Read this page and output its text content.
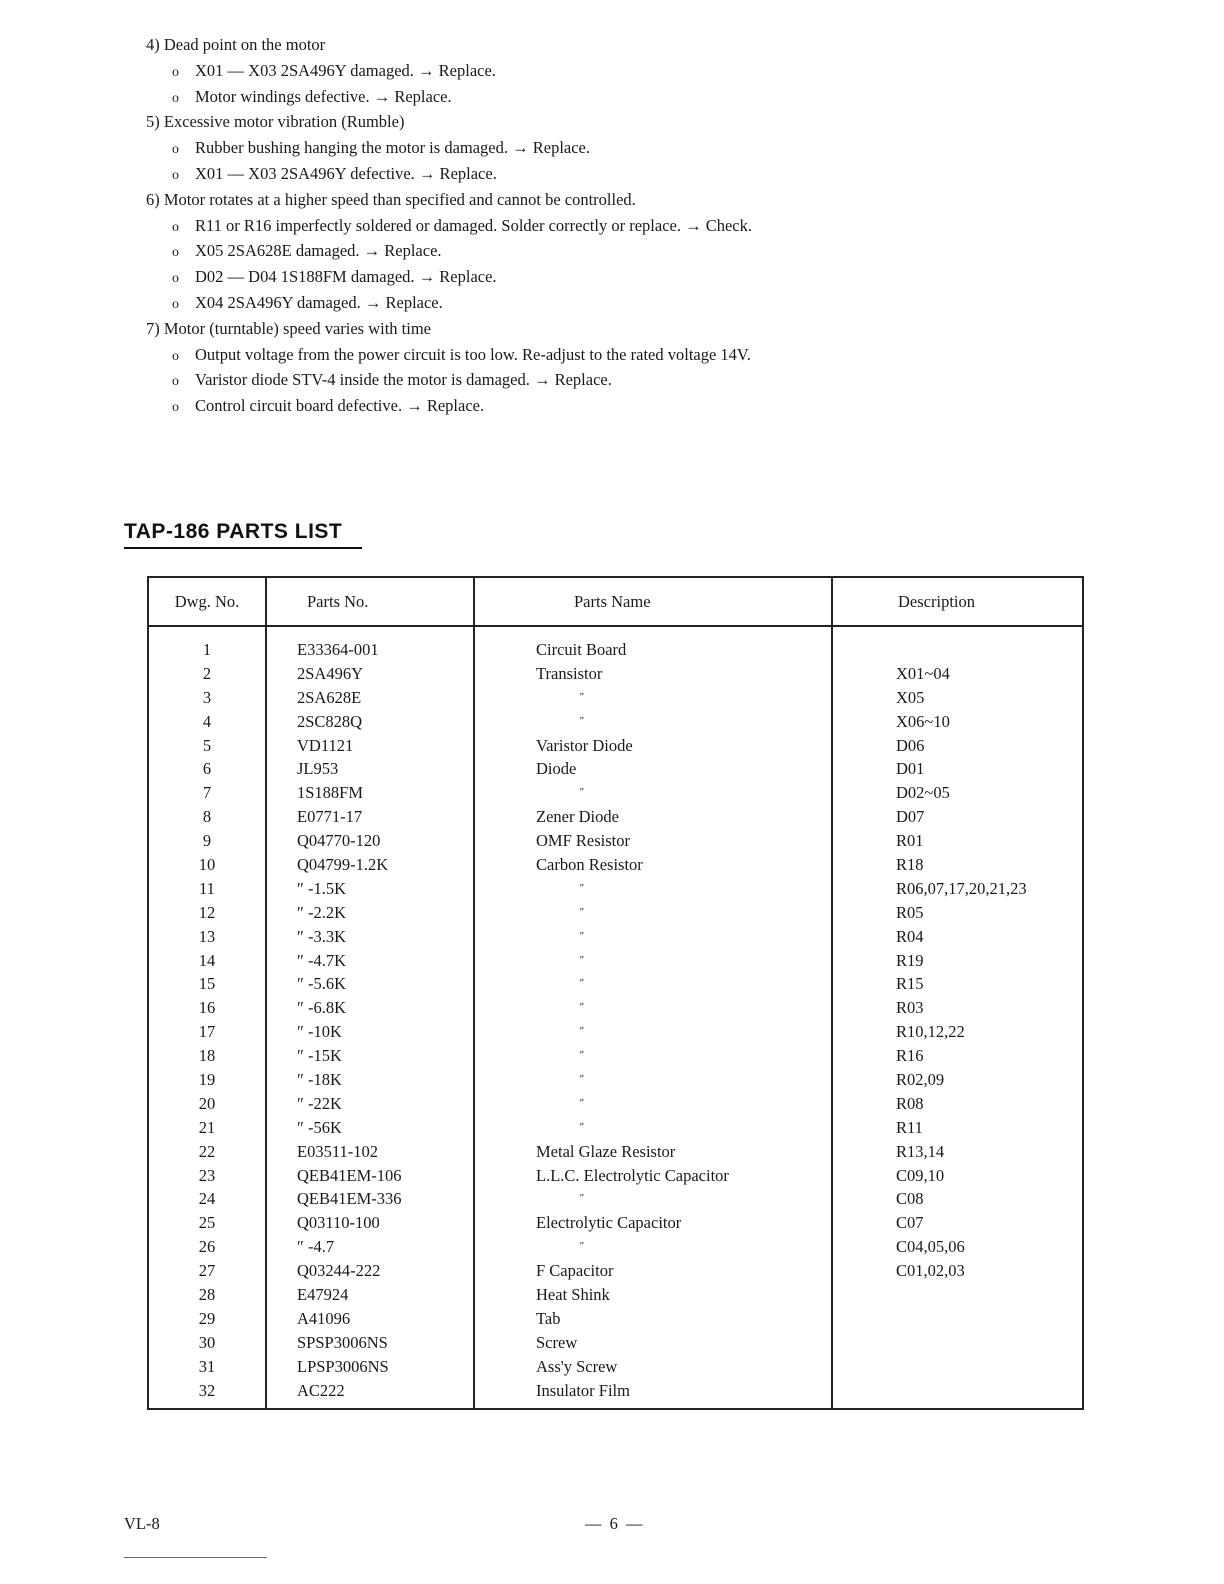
4) Dead point on the motor
o X01 — X03 2SA496Y damaged. → Replace.
o Motor windings defective. → Replace.
5) Excessive motor vibration (Rumble)
o Rubber bushing hanging the motor is damaged. → Replace.
o X01 — X03 2SA496Y defective. → Replace.
6) Motor rotates at a higher speed than specified and cannot be controlled.
o R11 or R16 imperfectly soldered or damaged. Solder correctly or replace. → Check.
o X05 2SA628E damaged. → Replace.
o D02 — D04 1S188FM damaged. → Replace.
o X04 2SA496Y damaged. → Replace.
7) Motor (turntable) speed varies with time
o Output voltage from the power circuit is too low. Re-adjust to the rated voltage 14V.
o Varistor diode STV-4 inside the motor is damaged. → Replace.
o Control circuit board defective. → Replace.
TAP-186 PARTS LIST
Dwg. No.	Parts No.	Parts Name	Description
1	E33364-001	Circuit Board
2	2SA496Y	Transistor	X01~04
3	2SA628E	″	X05
4	2SC828Q	″	X06~10
5	VD1121	Varistor Diode	D06
6	JL953	Diode	D01
7	1S188FM	″	D02~05
8	E0771-17	Zener Diode	D07
9	Q04770-120	OMF Resistor	R01
10	Q04799-1.2K	Carbon Resistor	R18
11	″ -1.5K	″	R06,07,17,20,21,23
12	″ -2.2K	″	R05
13	″ -3.3K	″	R04
14	″ -4.7K	″	R19
15	″ -5.6K	″	R15
16	″ -6.8K	″	R03
17	″ -10K	″	R10,12,22
18	″ -15K	″	R16
19	″ -18K	″	R02,09
20	″ -22K	″	R08
21	″ -56K	″	R11
22	E03511-102	Metal Glaze Resistor	R13,14
23	QEB41EM-106	L.L.C. Electrolytic Capacitor	C09,10
24	QEB41EM-336	″	C08
25	Q03110-100	Electrolytic Capacitor	C07
26	″ -4.7	″	C04,05,06
27	Q03244-222	F Capacitor	C01,02,03
28	E47924	Heat Shink
29	A41096	Tab
30	SPSP3006NS	Screw
31	LPSP3006NS	Ass'y Screw
32	AC222	Insulator Film
VL-8	— 6 —
